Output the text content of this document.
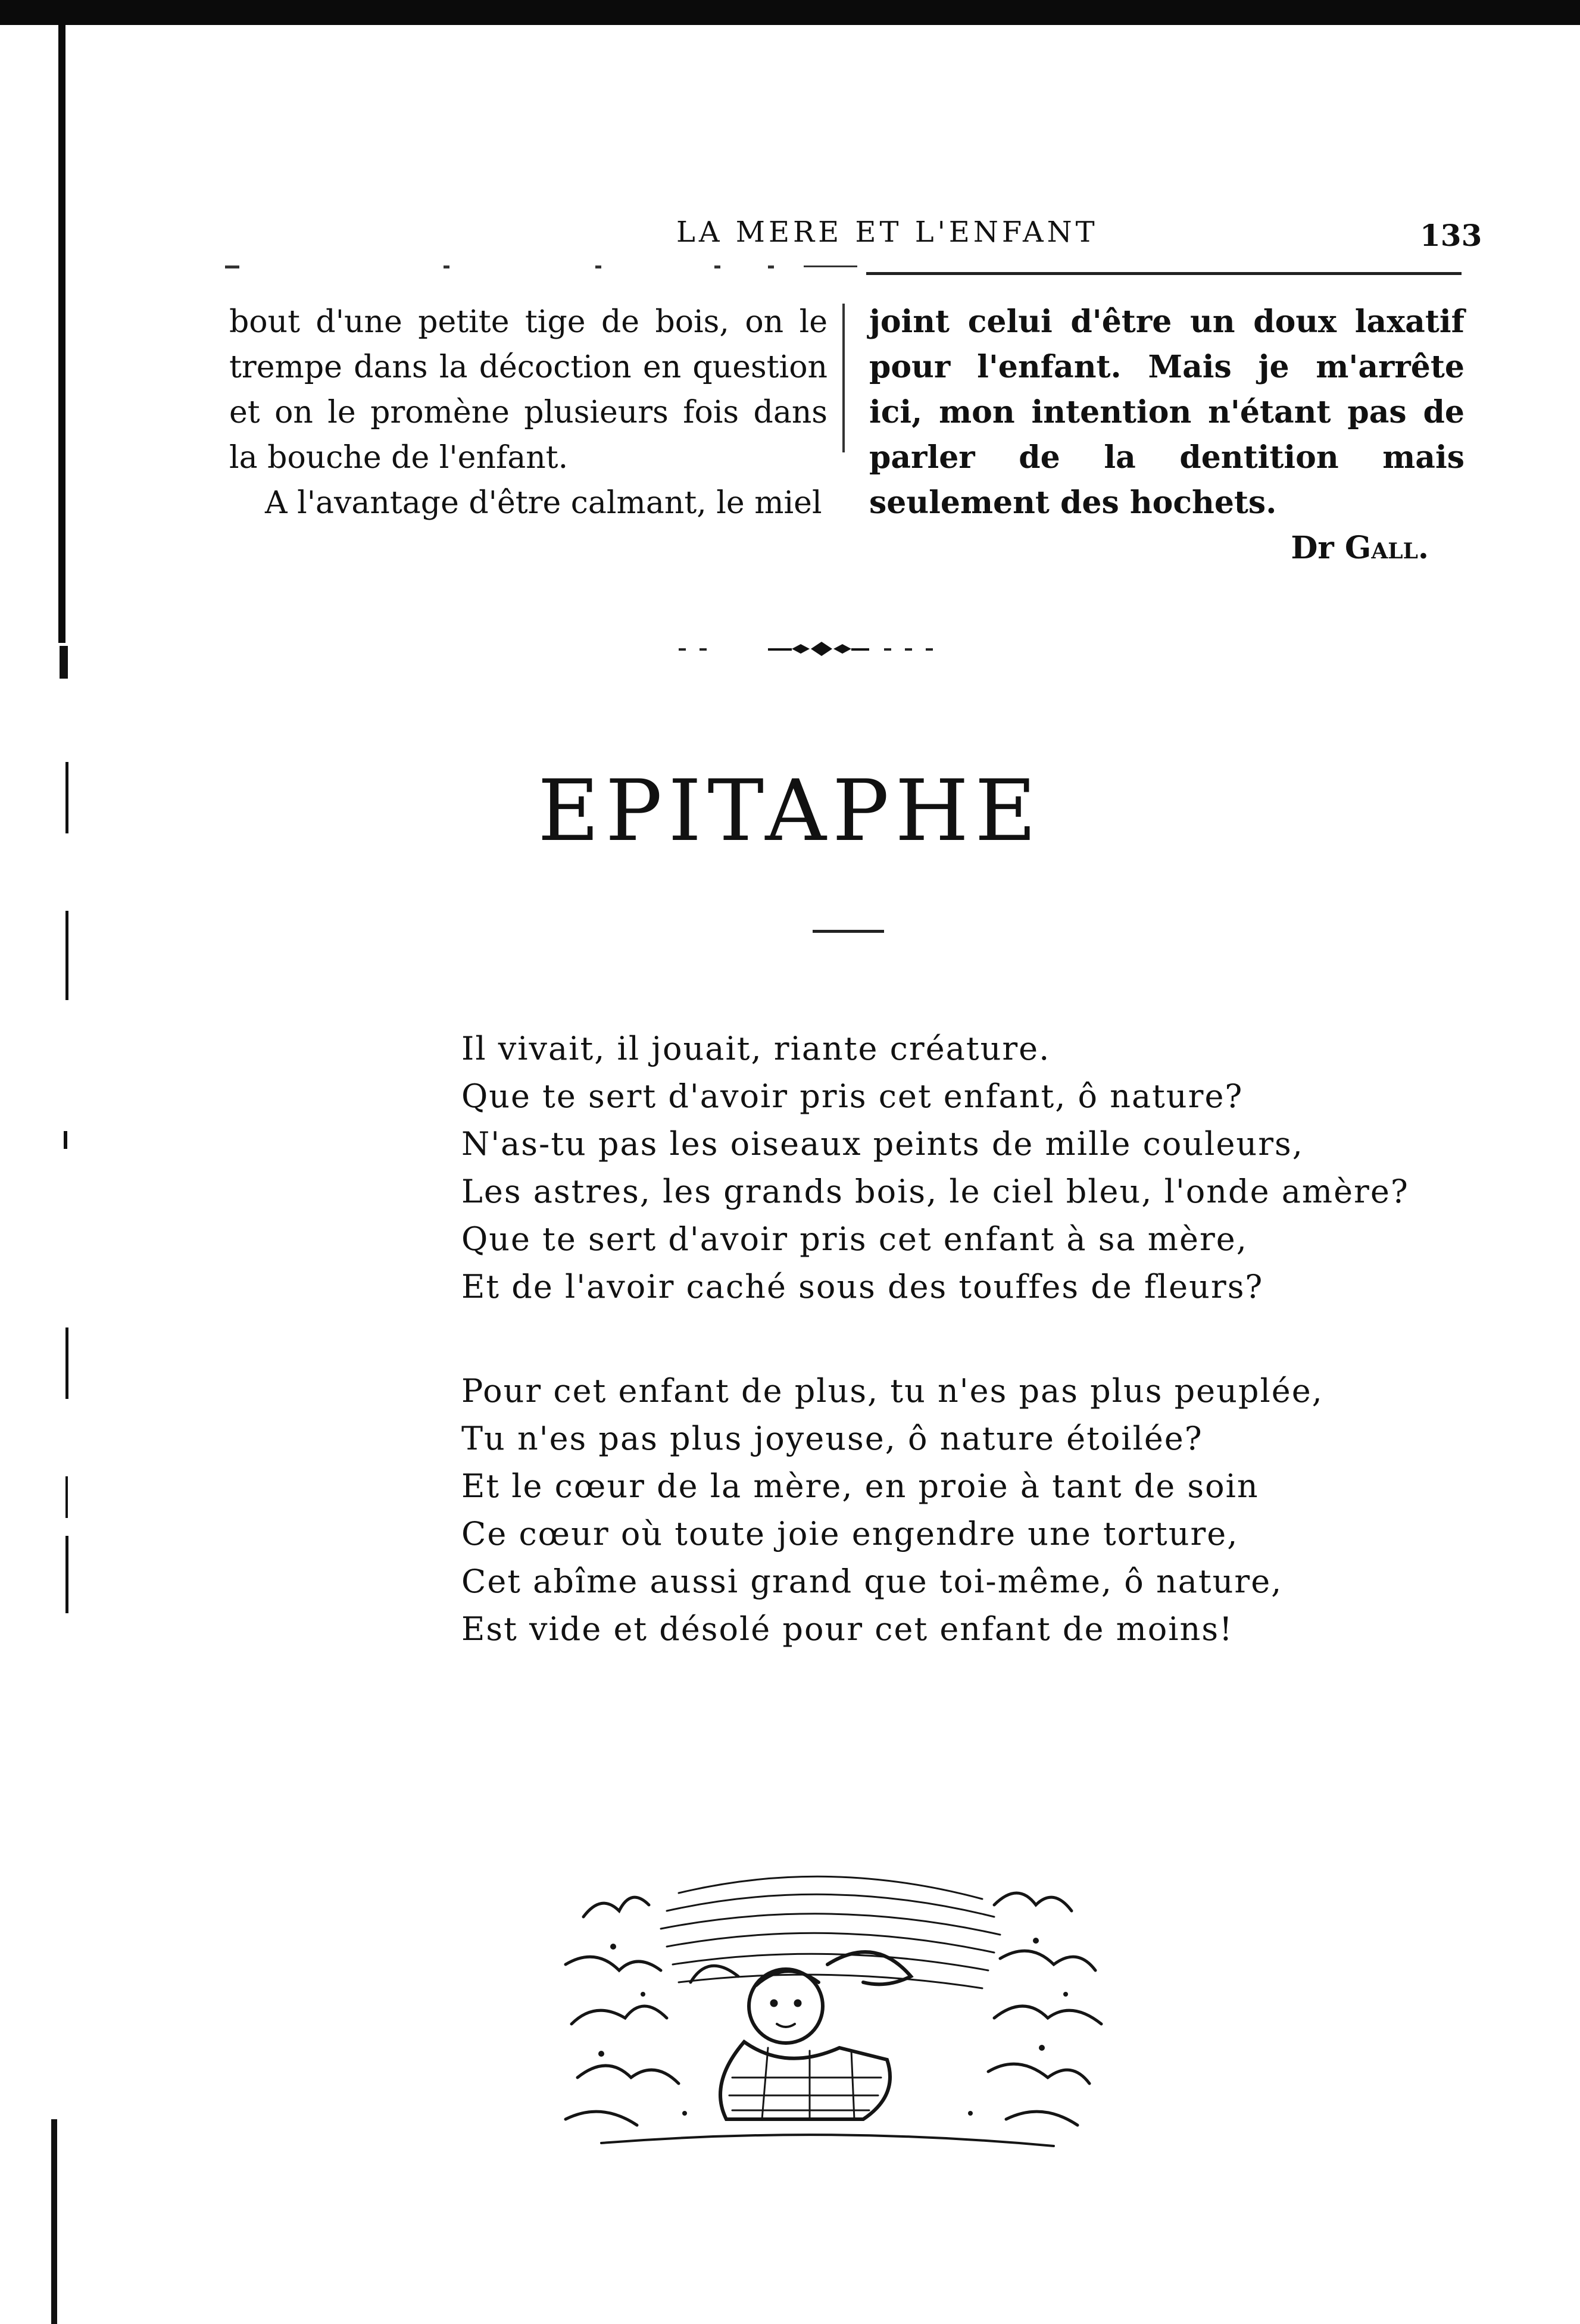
LA MERE ET L'ENFANT	133

bout d'une petite tige de bois, on le trempe dans la décoction en question et on le promène plusieurs fois dans la bouche de l'enfant.

A l'avantage d'être calmant, le miel

joint celui d'être un doux laxatif pour l'enfant. Mais je m'arrête ici, mon intention n'étant pas de parler de la dentition mais seulement des hochets.

Dr Gall.

EPITAPHE
Il vivait, il jouait, riante créature.
Que te sert d'avoir pris cet enfant, ô nature?
N'as-tu pas les oiseaux peints de mille couleurs,
Les astres, les grands bois, le ciel bleu, l'onde amère?
Que te sert d'avoir pris cet enfant à sa mère,
Et de l'avoir caché sous des touffes de fleurs?
Pour cet enfant de plus, tu n'es pas plus peuplée,
Tu n'es pas plus joyeuse, ô nature étoilée?
Et le cœur de la mère, en proie à tant de soin
Ce cœur où toute joie engendre une torture,
Cet abîme aussi grand que toi-même, ô nature,
Est vide et désolé pour cet enfant de moins!
